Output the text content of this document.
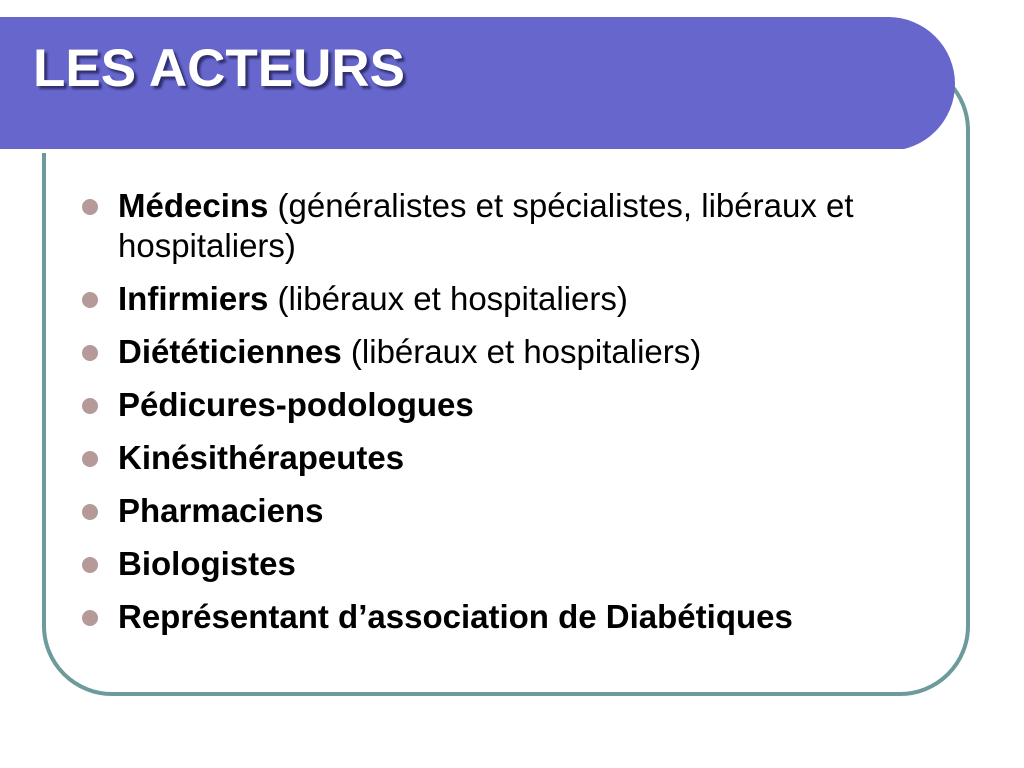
LES ACTEURS
Médecins (généralistes et spécialistes, libéraux et hospitaliers)
Infirmiers (libéraux et hospitaliers)
Diététiciennes (libéraux et hospitaliers)
Pédicures-podologues
Kinésithérapeutes
Pharmaciens
Biologistes
Représentant d’association de Diabétiques
